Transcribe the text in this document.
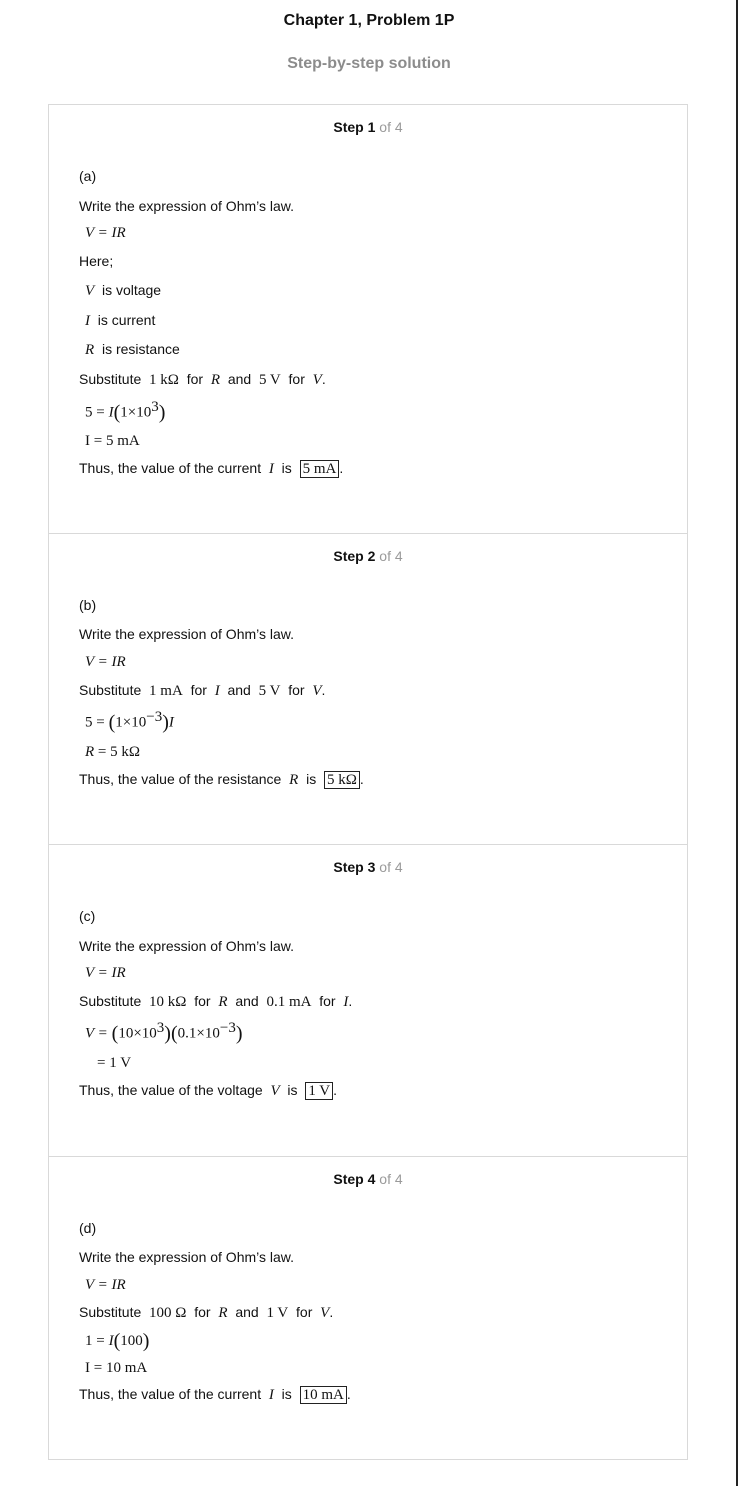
Chapter 1, Problem 1P
Step-by-step solution
Step 1 of 4
(a)
Write the expression of Ohm’s law.
V = IR
Here;
V is voltage
I is current
R is resistance
Substitute 1 kΩ for R and 5 V for V.
$5 = I(1\times 10^3)$
I = 5 mA
Thus, the value of the current I is 5 mA .
Step 2 of 4
(b)
Write the expression of Ohm’s law.
V = IR
Substitute 1 mA for I and 5 V for V.
$5 = (1\times 10^{-3})I$
R = 5 kΩ
Thus, the value of the resistance R is 5 kΩ .
Step 3 of 4
(c)
Write the expression of Ohm’s law.
V = IR
Substitute 10 kΩ for R and 0.1 mA for I.
$V = (10\times 10^3)(0.1\times 10^{-3})$
= 1 V
Thus, the value of the voltage V is 1 V .
Step 4 of 4
(d)
Write the expression of Ohm’s law.
V = IR
Substitute 100 Ω for R and 1 V for V.
1 = I(100)
I = 10 mA
Thus, the value of the current I is 10 mA .
